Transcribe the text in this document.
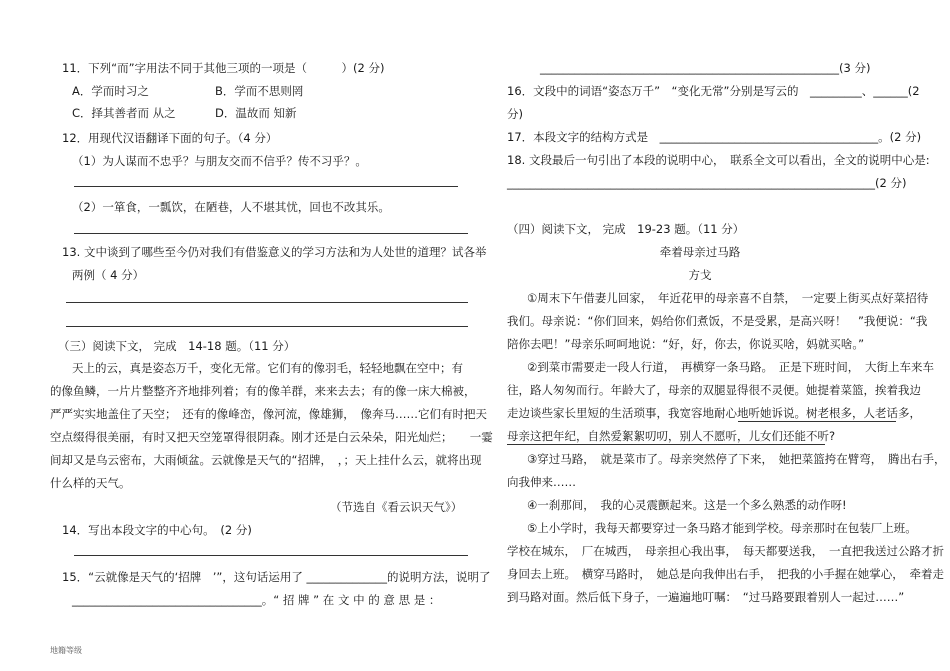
11．下列“而”字用法不同于其他三项的一项是（　　　）(2 分)
A．学而时习之	B．学而不思则罔
C．择其善者而 从之	D．温故而 知新
12．用现代汉语翻译下面的句子。（4 分）
（1）为人谋而不忠乎？与朋友交而不信乎？传不习乎？。
（2）一箪食，一瓢饮，在陋巷，人不堪其忧，回也不改其乐。
13. 文中谈到了哪些至今仍对我们有借鉴意义的学习方法和为人处世的道理？试各举
两例（ 4 分）
（三）阅读下文， 完成　14-18 题。（11 分）
天上的云，真是姿态万千，变化无常。它们有的像羽毛，轻轻地飘在空中；有
的像鱼鳞，一片片整整齐齐地排列着；有的像羊群，来来去去；有的像一床大棉被，
严严实实地盖住了天空；　还有的像峰峦，像河流，像雄狮，　像奔马……它们有时把天
空点缀得很美丽，有时又把天空笼罩得很阴森。刚才还是白云朵朵，阳光灿烂；　　一霎
间却又是乌云密布，大雨倾盆。云就像是天气的“招牌，　，；天上挂什么云，就将出现
什么样的天气。
（节选自《看云识天气》）
14．写出本段文字的中心句。　(2 分)
15．“云就像是天气的‘招牌　’”，这句话运用了 ______________的说明方法，说明了
_________________________________。“ 招 牌 ” 在 文 中 的 意 思 是 ：
地籍等级
____________________________________________________(3 分)
16．文段中的词语“姿态万千”　“变化无常”分别是写云的　_________、______(2
分)
17．本段文字的结构方式是　______________________________________。(2 分)
18. 文段最后一句引出了本段的说明中心，　联系全文可以看出，全文的说明中心是:
________________________________________________________________(2 分)
（四）阅读下文， 完成　19-23 题。（11 分）
牵着母亲过马路
方戈
①周末下午借妻儿回家，　年近花甲的母亲喜不自禁，　一定要上街买点好菜招待
我们。母亲说：“你们回来，妈给你们煮饭，不是受累，是高兴呀！　”我便说：“我
陪你去吧！”母亲乐呵呵地说：“好，好，你去，你说买啥，妈就买啥。”
②到菜市需要走一段人行道，　再横穿一条马路。　正是下班时间，　大街上车来车
往，路人匆匆而行。年龄大了，母亲的双腿显得很不灵便。她提着菜篮，挨着我边
走边谈些家长里短的生活琐事，我宽容地耐心地听她诉说。树老根多，人老话多，
母亲这把年纪，自然爱絮絮叨叨，别人不愿听，儿女们还能不听?
③穿过马路，　就是菜市了。母亲突然停了下来，　她把菜篮挎在臂弯，　腾出右手，
向我伸来……
④一刹那间，　我的心灵震颤起来。这是一个多么熟悉的动作呀!
⑤上小学时，我每天都要穿过一条马路才能到学校。母亲那时在包装厂上班。
学校在城东，　厂在城西，　母亲担心我出事，　每天都要送我，　一直把我送过公路才折
身回去上班。　横穿马路时，　她总是向我伸出右手，　把我的小手握在她掌心，　牵着走
到马路对面。然后低下身子，一遍遍地叮嘱：　“过马路要跟着别人一起过……”
